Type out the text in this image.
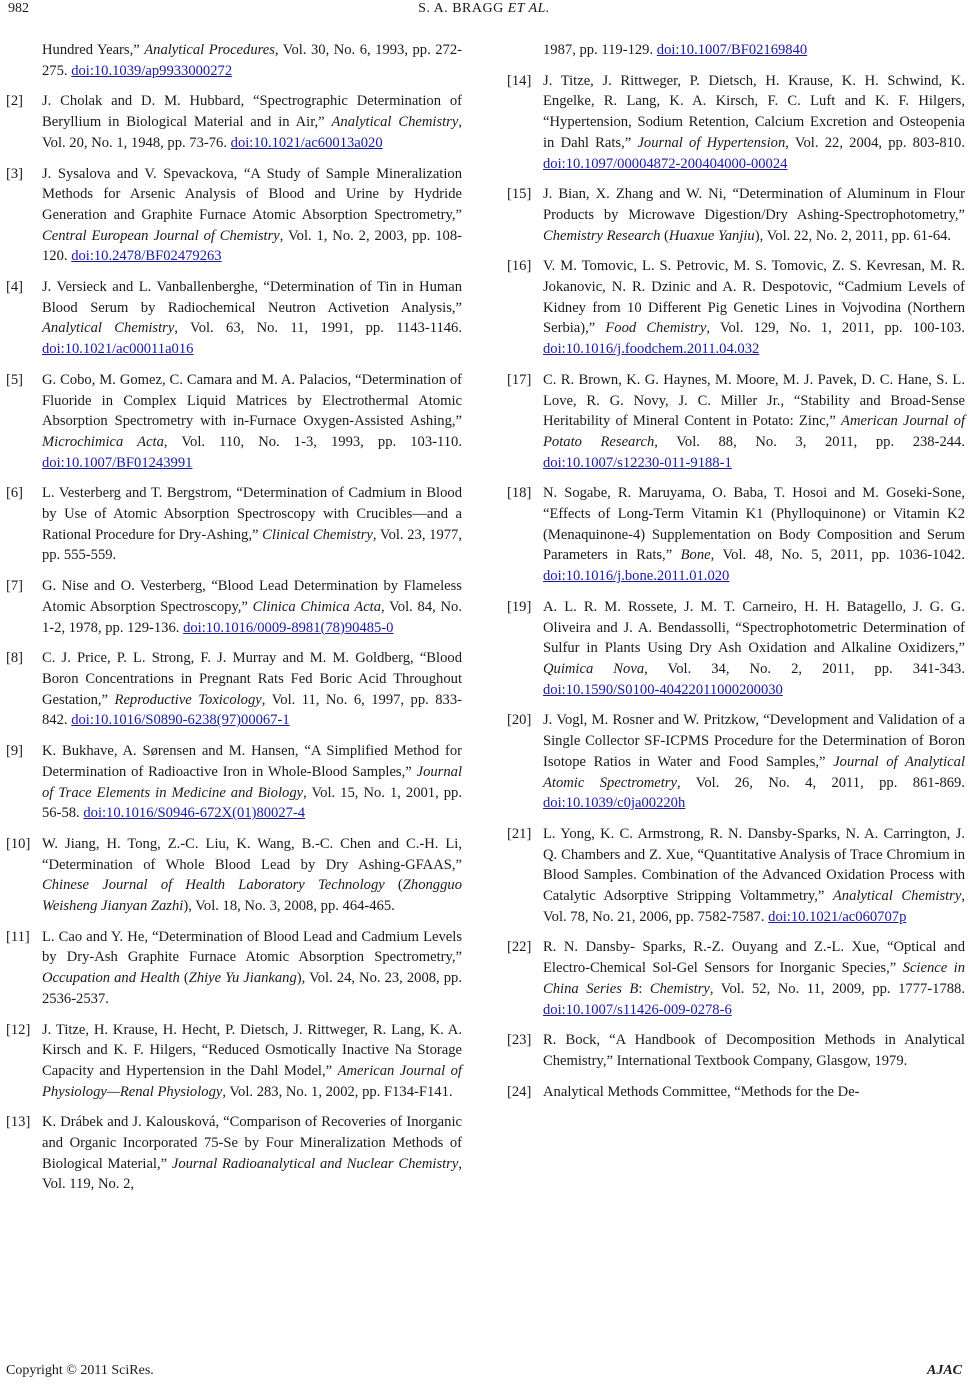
982	S. A. BRAGG ET AL.
Hundred Years,” Analytical Procedures, Vol. 30, No. 6, 1993, pp. 272-275. doi:10.1039/ap9933000272
[2] J. Cholak and D. M. Hubbard, “Spectrographic Determination of Beryllium in Biological Material and in Air,” Analytical Chemistry, Vol. 20, No. 1, 1948, pp. 73-76. doi:10.1021/ac60013a020
[3] J. Sysalova and V. Spevackova, “A Study of Sample Mineralization Methods for Arsenic Analysis of Blood and Urine by Hydride Generation and Graphite Furnace Atomic Absorption Spectrometry,” Central European Journal of Chemistry, Vol. 1, No. 2, 2003, pp. 108-120. doi:10.2478/BF02479263
[4] J. Versieck and L. Vanballenberghe, “Determination of Tin in Human Blood Serum by Radiochemical Neutron Activetion Analysis,” Analytical Chemistry, Vol. 63, No. 11, 1991, pp. 1143-1146. doi:10.1021/ac00011a016
[5] G. Cobo, M. Gomez, C. Camara and M. A. Palacios, “Determination of Fluoride in Complex Liquid Matrices by Electrothermal Atomic Absorption Spectrometry with in-Furnace Oxygen-Assisted Ashing,” Microchimica Acta, Vol. 110, No. 1-3, 1993, pp. 103-110. doi:10.1007/BF01243991
[6] L. Vesterberg and T. Bergstrom, “Determination of Cadmium in Blood by Use of Atomic Absorption Spectroscopy with Crucibles—and a Rational Procedure for Dry-Ashing,” Clinical Chemistry, Vol. 23, 1977, pp. 555-559.
[7] G. Nise and O. Vesterberg, “Blood Lead Determination by Flameless Atomic Absorption Spectroscopy,” Clinica Chimica Acta, Vol. 84, No. 1-2, 1978, pp. 129-136. doi:10.1016/0009-8981(78)90485-0
[8] C. J. Price, P. L. Strong, F. J. Murray and M. M. Goldberg, “Blood Boron Concentrations in Pregnant Rats Fed Boric Acid Throughout Gestation,” Reproductive Toxicology, Vol. 11, No. 6, 1997, pp. 833-842. doi:10.1016/S0890-6238(97)00067-1
[9] K. Bukhave, A. Sørensen and M. Hansen, “A Simplified Method for Determination of Radioactive Iron in Whole-Blood Samples,” Journal of Trace Elements in Medicine and Biology, Vol. 15, No. 1, 2001, pp. 56-58. doi:10.1016/S0946-672X(01)80027-4
[10] W. Jiang, H. Tong, Z.-C. Liu, K. Wang, B.-C. Chen and C.-H. Li, “Determination of Whole Blood Lead by Dry Ashing-GFAAS,” Chinese Journal of Health Laboratory Technology (Zhongguo Weisheng Jianyan Zazhi), Vol. 18, No. 3, 2008, pp. 464-465.
[11] L. Cao and Y. He, “Determination of Blood Lead and Cadmium Levels by Dry-Ash Graphite Furnace Atomic Absorption Spectrometry,” Occupation and Health (Zhiye Yu Jiankang), Vol. 24, No. 23, 2008, pp. 2536-2537.
[12] J. Titze, H. Krause, H. Hecht, P. Dietsch, J. Rittweger, R. Lang, K. A. Kirsch and K. F. Hilgers, “Reduced Osmotically Inactive Na Storage Capacity and Hypertension in the Dahl Model,” American Journal of Physiology—Renal Physiology, Vol. 283, No. 1, 2002, pp. F134-F141.
[13] K. Drábek and J. Kalousková, “Comparison of Recoveries of Inorganic and Organic Incorporated 75-Se by Four Mineralization Methods of Biological Material,” Journal Radioanalytical and Nuclear Chemistry, Vol. 119, No. 2,
1987, pp. 119-129. doi:10.1007/BF02169840
[14] J. Titze, J. Rittweger, P. Dietsch, H. Krause, K. H. Schwind, K. Engelke, R. Lang, K. A. Kirsch, F. C. Luft and K. F. Hilgers, “Hypertension, Sodium Retention, Calcium Excretion and Osteopenia in Dahl Rats,” Journal of Hypertension, Vol. 22, 2004, pp. 803-810. doi:10.1097/00004872-200404000-00024
[15] J. Bian, X. Zhang and W. Ni, “Determination of Aluminum in Flour Products by Microwave Digestion/Dry Ashing-Spectrophotometry,” Chemistry Research (Huaxue Yanjiu), Vol. 22, No. 2, 2011, pp. 61-64.
[16] V. M. Tomovic, L. S. Petrovic, M. S. Tomovic, Z. S. Kevresan, M. R. Jokanovic, N. R. Dzinic and A. R. Despotovic, “Cadmium Levels of Kidney from 10 Different Pig Genetic Lines in Vojvodina (Northern Serbia),” Food Chemistry, Vol. 129, No. 1, 2011, pp. 100-103. doi:10.1016/j.foodchem.2011.04.032
[17] C. R. Brown, K. G. Haynes, M. Moore, M. J. Pavek, D. C. Hane, S. L. Love, R. G. Novy, J. C. Miller Jr., “Stability and Broad-Sense Heritability of Mineral Content in Potato: Zinc,” American Journal of Potato Research, Vol. 88, No. 3, 2011, pp. 238-244. doi:10.1007/s12230-011-9188-1
[18] N. Sogabe, R. Maruyama, O. Baba, T. Hosoi and M. Goseki-Sone, “Effects of Long-Term Vitamin K1 (Phylloquinone) or Vitamin K2 (Menaquinone-4) Supplementation on Body Composition and Serum Parameters in Rats,” Bone, Vol. 48, No. 5, 2011, pp. 1036-1042. doi:10.1016/j.bone.2011.01.020
[19] A. L. R. M. Rossete, J. M. T. Carneiro, H. H. Batagello, J. G. G. Oliveira and J. A. Bendassolli, “Spectrophotometric Determination of Sulfur in Plants Using Dry Ash Oxidation and Alkaline Oxidizers,” Quimica Nova, Vol. 34, No. 2, 2011, pp. 341-343. doi:10.1590/S0100-40422011000200030
[20] J. Vogl, M. Rosner and W. Pritzkow, “Development and Validation of a Single Collector SF-ICPMS Procedure for the Determination of Boron Isotope Ratios in Water and Food Samples,” Journal of Analytical Atomic Spectrometry, Vol. 26, No. 4, 2011, pp. 861-869. doi:10.1039/c0ja00220h
[21] L. Yong, K. C. Armstrong, R. N. Dansby-Sparks, N. A. Carrington, J. Q. Chambers and Z. Xue, “Quantitative Analysis of Trace Chromium in Blood Samples. Combination of the Advanced Oxidation Process with Catalytic Adsorptive Stripping Voltammetry,” Analytical Chemistry, Vol. 78, No. 21, 2006, pp. 7582-7587. doi:10.1021/ac060707p
[22] R. N. Dansby- Sparks, R.-Z. Ouyang and Z.-L. Xue, “Optical and Electro-Chemical Sol-Gel Sensors for Inorganic Species,” Science in China Series B: Chemistry, Vol. 52, No. 11, 2009, pp. 1777-1788. doi:10.1007/s11426-009-0278-6
[23] R. Bock, “A Handbook of Decomposition Methods in Analytical Chemistry,” International Textbook Company, Glasgow, 1979.
[24] Analytical Methods Committee, “Methods for the De-
Copyright © 2011 SciRes.	AJAC
